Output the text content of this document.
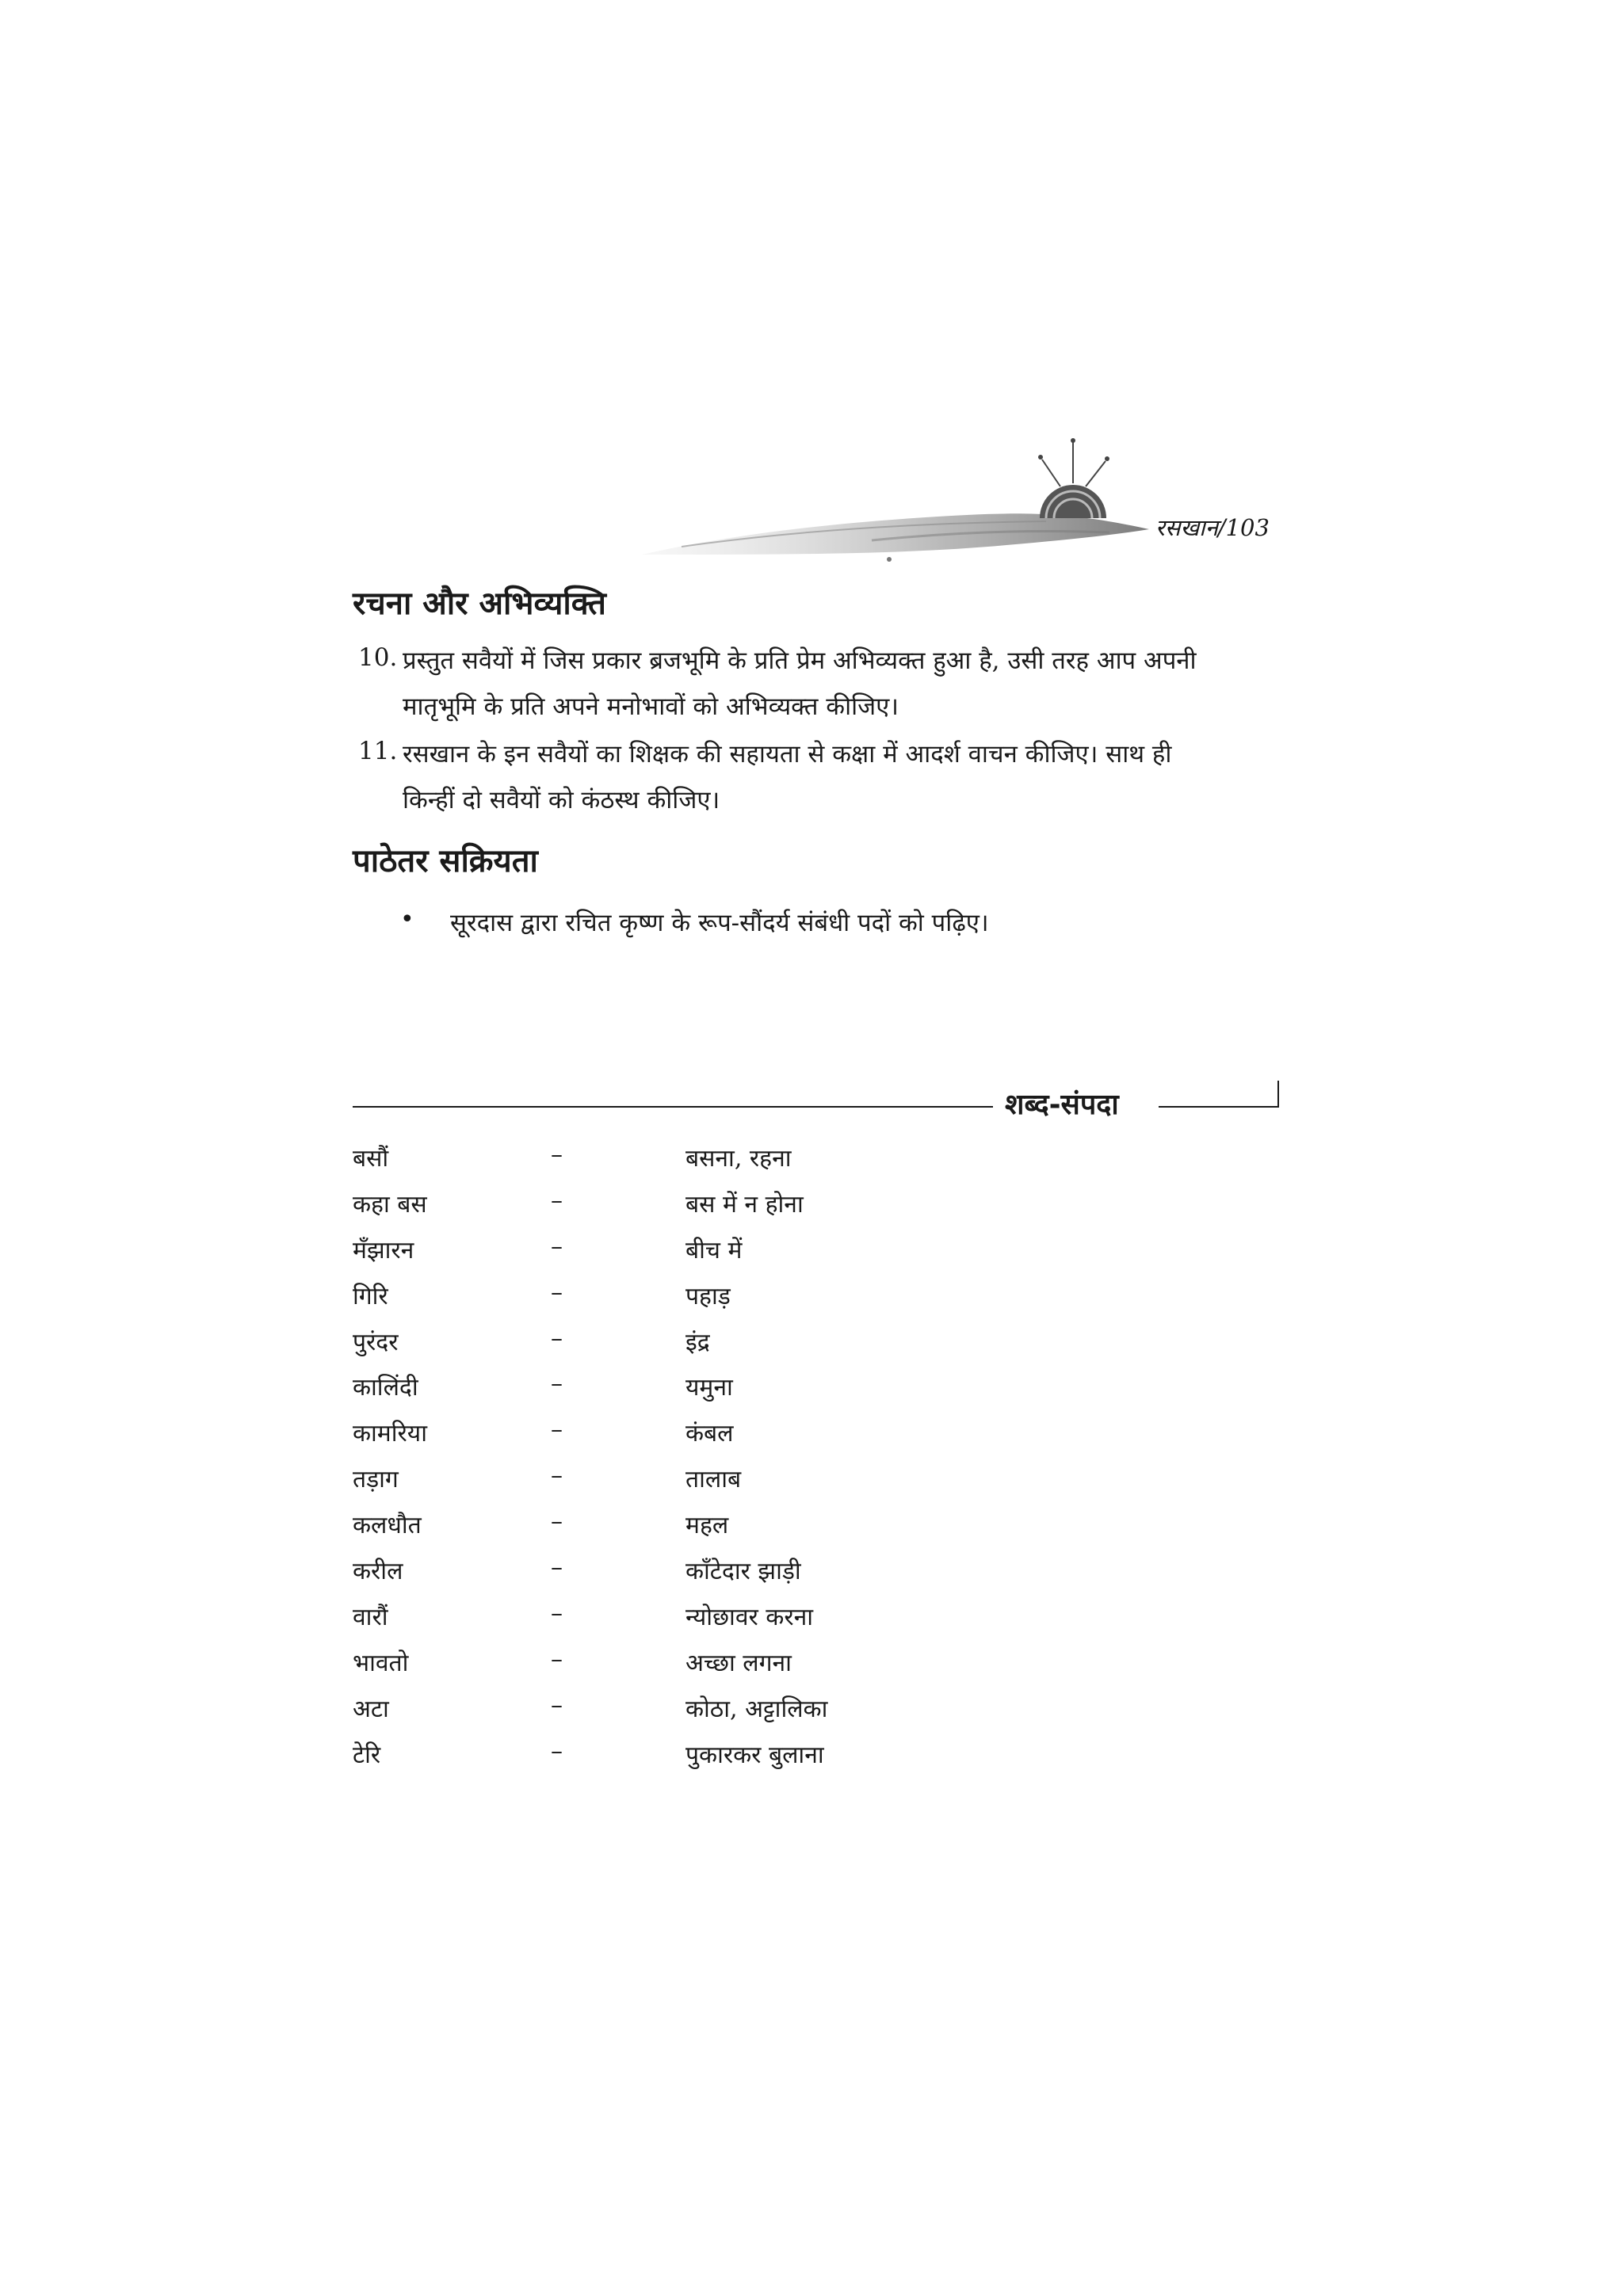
रसखान/103
रचना और अभिव्यक्ति
10. प्रस्तुत सवैयों में जिस प्रकार ब्रजभूमि के प्रति प्रेम अभिव्यक्त हुआ है, उसी तरह आप अपनी
मातृभूमि के प्रति अपने मनोभावों को अभिव्यक्त कीजिए।
11. रसखान के इन सवैयों का शिक्षक की सहायता से कक्षा में आदर्श वाचन कीजिए। साथ ही
किन्हीं दो सवैयों को कंठस्थ कीजिए।
पाठेतर सक्रियता
• सूरदास द्वारा रचित कृष्ण के रूप-सौंदर्य संबंधी पदों को पढ़िए।
शब्द-संपदा
बसौं	–	बसना, रहना
कहा बस	–	बस में न होना
मँझारन	–	बीच में
गिरि	–	पहाड़
पुरंदर	–	इंद्र
कालिंदी	–	यमुना
कामरिया	–	कंबल
तड़ाग	–	तालाब
कलधौत	–	महल
करील	–	काँटेदार झाड़ी
वारौं	–	न्योछावर करना
भावतो	–	अच्छा लगना
अटा	–	कोठा, अट्टालिका
टेरि	–	पुकारकर बुलाना
